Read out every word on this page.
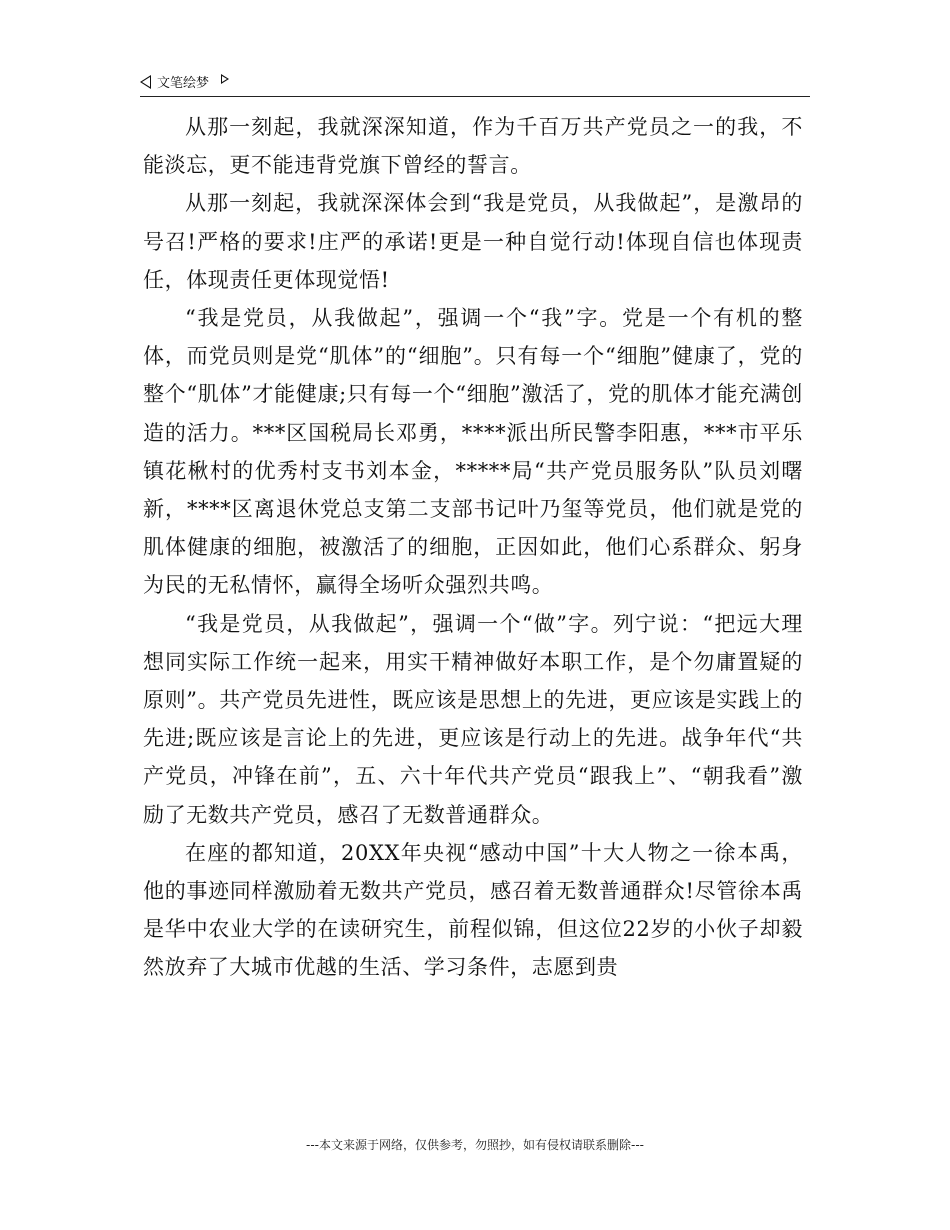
文笔绘梦

从那一刻起，我就深深知道，作为千百万共产党员之一的我，不能淡忘，更不能违背党旗下曾经的誓言。

从那一刻起，我就深深体会到“我是党员，从我做起”，是激昂的号召!严格的要求!庄严的承诺!更是一种自觉行动!体现自信也体现责任，体现责任更体现觉悟!

“我是党员，从我做起”，强调一个“我”字。党是一个有机的整体，而党员则是党“肌体”的“细胞”。只有每一个“细胞”健康了，党的整个“肌体”才能健康;只有每一个“细胞”激活了，党的肌体才能充满创造的活力。***区国税局长邓勇，****派出所民警李阳惠，***市平乐镇花楸村的优秀村支书刘本金，*****局“共产党员服务队”队员刘曙新，****区离退休党总支第二支部书记叶乃玺等党员，他们就是党的肌体健康的细胞，被激活了的细胞，正因如此，他们心系群众、躬身为民的无私情怀，赢得全场听众强烈共鸣。

“我是党员，从我做起”，强调一个“做”字。列宁说：“把远大理想同实际工作统一起来，用实干精神做好本职工作，是个勿庸置疑的原则”。共产党员先进性，既应该是思想上的先进，更应该是实践上的先进;既应该是言论上的先进，更应该是行动上的先进。战争年代“共产党员，冲锋在前”，五、六十年代共产党员“跟我上”、“朝我看”激励了无数共产党员，感召了无数普通群众。

在座的都知道，20XX年央视“感动中国”十大人物之一徐本禹，他的事迹同样激励着无数共产党员，感召着无数普通群众!尽管徐本禹是华中农业大学的在读研究生，前程似锦，但这位22岁的小伙子却毅然放弃了大城市优越的生活、学习条件，志愿到贵

---本文来源于网络，仅供参考，勿照抄，如有侵权请联系删除---
